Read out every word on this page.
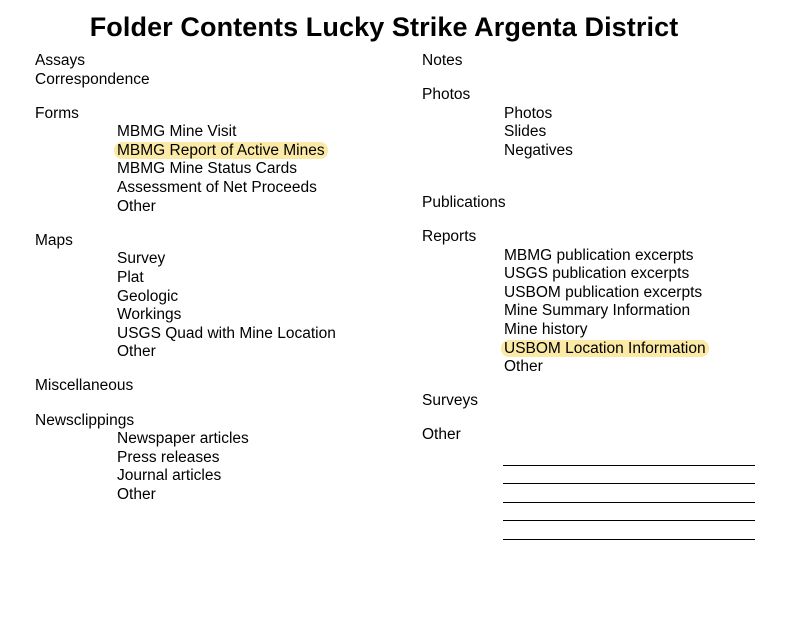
Folder Contents Lucky Strike Argenta District
Assays
Correspondence
Forms
MBMG Mine Visit
MBMG Report of Active Mines
MBMG Mine Status Cards
Assessment of Net Proceeds
Other
Maps
Survey
Plat
Geologic
Workings
USGS Quad with Mine Location
Other
Miscellaneous
Newsclippings
Newspaper articles
Press releases
Journal articles
Other
Notes
Photos
Photos
Slides
Negatives
Publications
Reports
MBMG publication excerpts
USGS publication excerpts
USBOM publication excerpts
Mine Summary Information
Mine history
USBOM Location Information
Other
Surveys
Other
